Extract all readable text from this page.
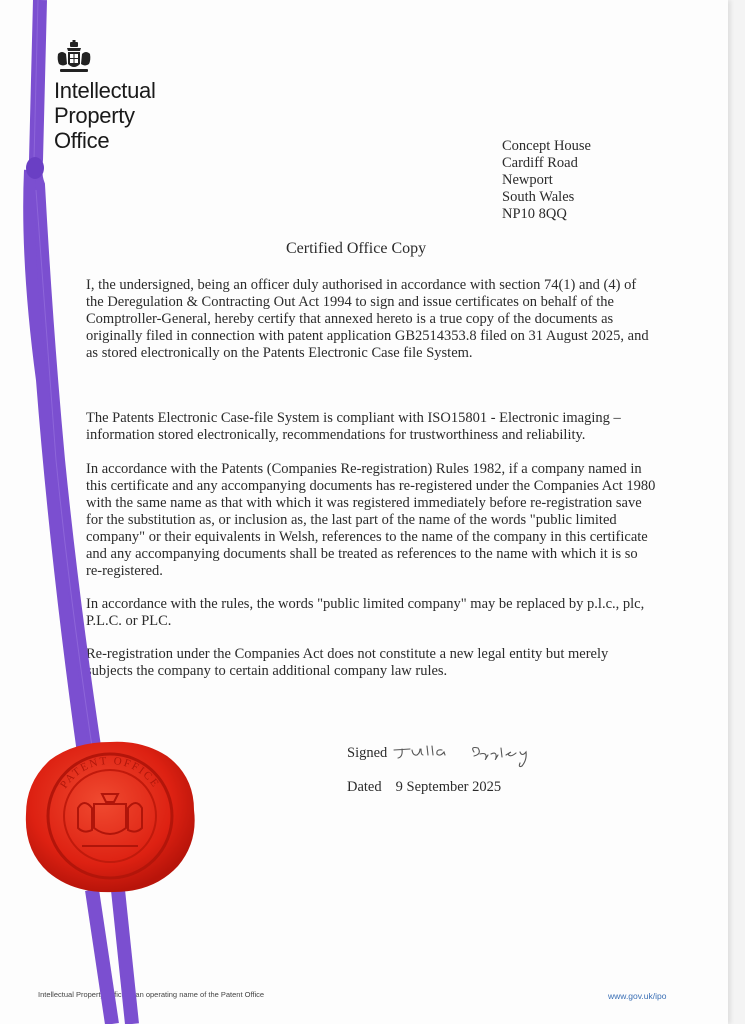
Intellectual
Property
Office	Concept House
Cardiff Road
Newport
South Wales
NP10 8QQ
Certified Office Copy

I, the undersigned, being an officer duly authorised in accordance with section 74(1) and (4) of the Deregulation & Contracting Out Act 1994 to sign and issue certificates on behalf of the Comptroller-General, hereby certify that annexed hereto is a true copy of the documents as originally filed in connection with patent application GB2514353.8 filed on 31 August 2025, and as stored electronically on the Patents Electronic Case file System.

The Patents Electronic Case-file System is compliant with ISO15801 - Electronic imaging – information stored electronically, recommendations for trustworthiness and reliability.

In accordance with the Patents (Companies Re-registration) Rules 1982, if a company named in this certificate and any accompanying documents has re-registered under the Companies Act 1980 with the same name as that with which it was registered immediately before re-registration save for the substitution as, or inclusion as, the last part of the name of the words "public limited company" or their equivalents in Welsh, references to the name of the company in this certificate and any accompanying documents shall be treated as references to the name with which it is so re-registered.

In accordance with the rules, the words "public limited company" may be replaced by p.l.c., plc, P.L.C. or PLC.

Re-registration under the Companies Act does not constitute a new legal entity but merely subjects the company to certain additional company law rules.

Signed
Dated 9 September 2025
Intellectual Property Office is an operating name of the Patent Office	www.gov.uk/ipo
PATENT OFFICE
